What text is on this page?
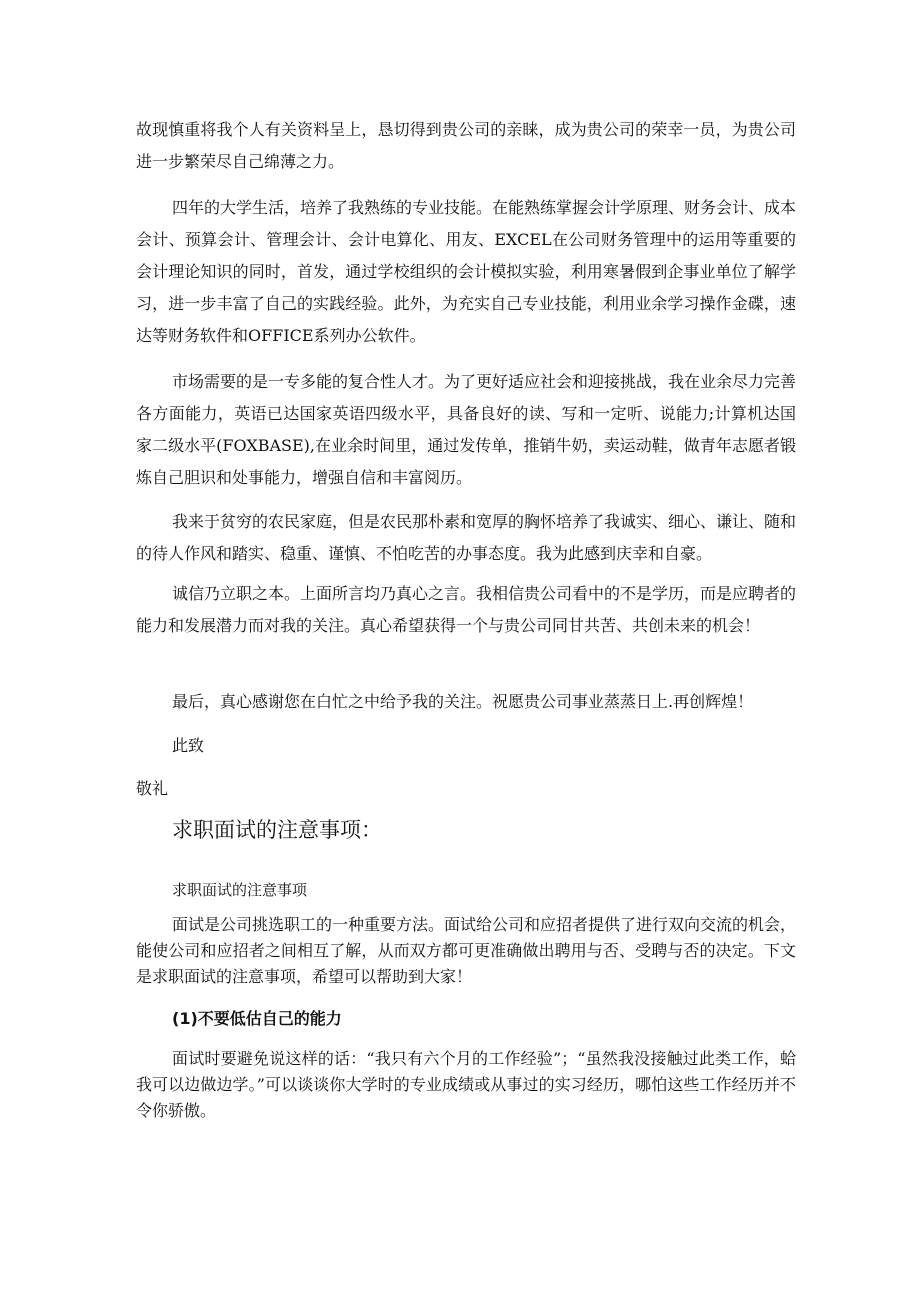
故现慎重将我个人有关资料呈上，恳切得到贵公司的亲睐，成为贵公司的荣幸一员，为贵公司进一步繁荣尽自己绵薄之力。

四年的大学生活，培养了我熟练的专业技能。在能熟练掌握会计学原理、财务会计、成本会计、预算会计、管理会计、会计电算化、用友、EXCEL在公司财务管理中的运用等重要的会计理论知识的同时，首发，通过学校组织的会计模拟实验，利用寒暑假到企事业单位了解学习，进一步丰富了自己的实践经验。此外，为充实自己专业技能，利用业余学习操作金碟，速达等财务软件和OFFICE系列办公软件。

市场需要的是一专多能的复合性人才。为了更好适应社会和迎接挑战，我在业余尽力完善各方面能力，英语已达国家英语四级水平，具备良好的读、写和一定听、说能力;计算机达国家二级水平(FOXBASE),在业余时间里，通过发传单，推销牛奶，卖运动鞋，做青年志愿者锻炼自己胆识和处事能力，增强自信和丰富阅历。

我来于贫穷的农民家庭，但是农民那朴素和宽厚的胸怀培养了我诚实、细心、谦让、随和的待人作风和踏实、稳重、谨慎、不怕吃苦的办事态度。我为此感到庆幸和自豪。

诚信乃立职之本。上面所言均乃真心之言。我相信贵公司看中的不是学历，而是应聘者的能力和发展潜力而对我的关注。真心希望获得一个与贵公司同甘共苦、共创未来的机会！

最后，真心感谢您在白忙之中给予我的关注。祝愿贵公司事业蒸蒸日上.再创辉煌！

此致

敬礼

求职面试的注意事项：

求职面试的注意事项

面试是公司挑选职工的一种重要方法。面试给公司和应招者提供了进行双向交流的机会，能使公司和应招者之间相互了解，从而双方都可更准确做出聘用与否、受聘与否的决定。下文是求职面试的注意事项，希望可以帮助到大家！

(1)不要低估自己的能力

面试时要避免说这样的话：“我只有六个月的工作经验”；“虽然我没接触过此类工作，蛤我可以边做边学。”可以谈谈你大学时的专业成绩或从事过的实习经历，哪怕这些工作经历并不令你骄傲。
